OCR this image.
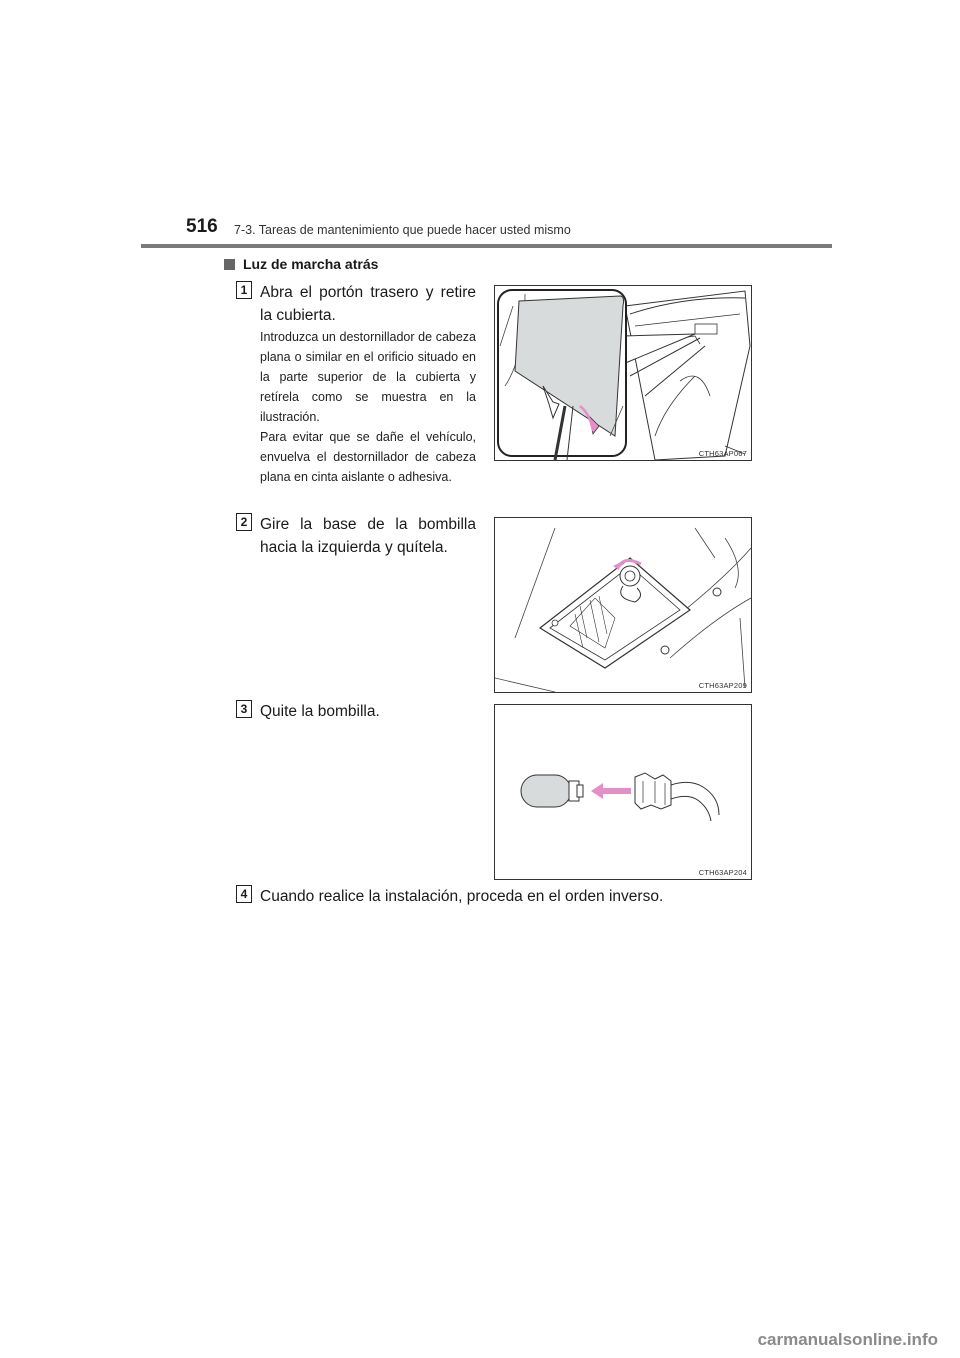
516 7-3. Tareas de mantenimiento que puede hacer usted mismo
Luz de marcha atrás
1 Abra el portón trasero y retire la cubierta.
Introduzca un destornillador de cabeza plana o similar en el orificio situado en la parte superior de la cubierta y retírela como se muestra en la ilustración.
Para evitar que se dañe el vehículo, envuelva el destornillador de cabeza plana en cinta aislante o adhesiva.
CTH63AP067
2 Gire la base de la bombilla hacia la izquierda y quítela.
CTH63AP209
3 Quite la bombilla.
CTH63AP204
4 Cuando realice la instalación, proceda en el orden inverso.
carmanualsonline.info
